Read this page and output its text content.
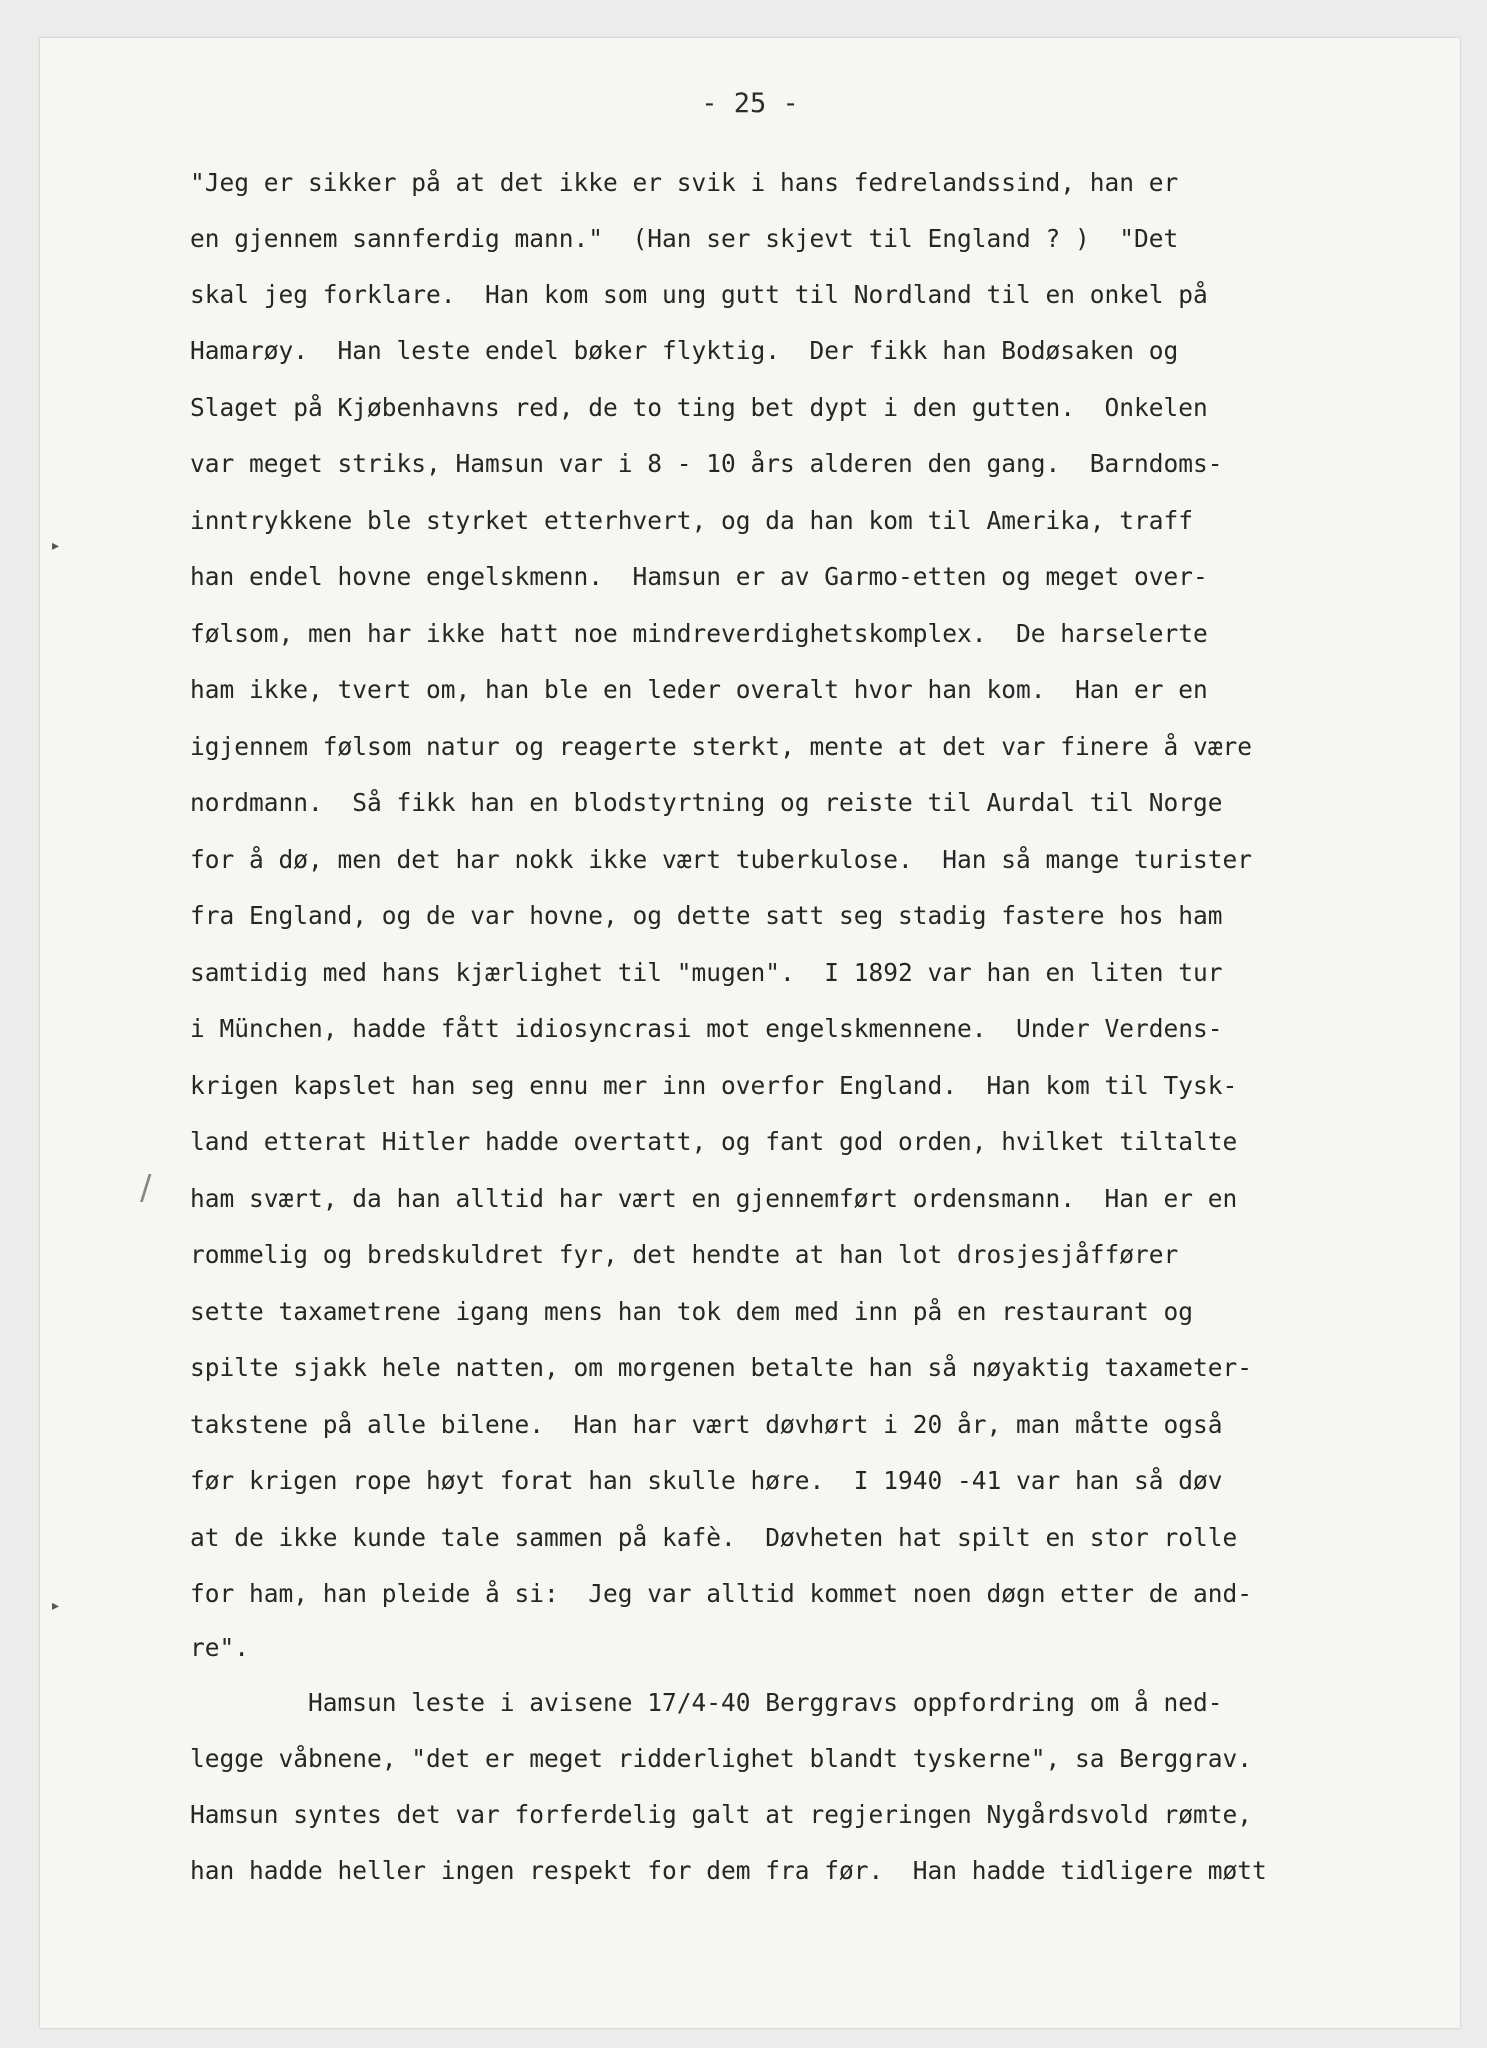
- 25 -
"Jeg er sikker på at det ikke er svik i hans fedrelandssind, han er
en gjennem sannferdig mann."  (Han ser skjevt til England ? )  "Det
skal jeg forklare.  Han kom som ung gutt til Nordland til en onkel på
Hamarøy.  Han leste endel bøker flyktig.  Der fikk han Bodøsaken og
Slaget på Kjøbenhavns red, de to ting bet dypt i den gutten.  Onkelen
var meget striks, Hamsun var i 8 - 10 års alderen den gang.  Barndoms-
inntrykkene ble styrket etterhvert, og da han kom til Amerika, traff
han endel hovne engelskmenn.  Hamsun er av Garmo-etten og meget over-
følsom, men har ikke hatt noe mindreverdighetskomplex.  De harselerte
ham ikke, tvert om, han ble en leder overalt hvor han kom.  Han er en
igjennem følsom natur og reagerte sterkt, mente at det var finere å være
nordmann.  Så fikk han en blodstyrtning og reiste til Aurdal til Norge
for å dø, men det har nokk ikke vært tuberkulose.  Han så mange turister
fra England, og de var hovne, og dette satt seg stadig fastere hos ham
samtidig med hans kjærlighet til "mugen".  I 1892 var han en liten tur
i München, hadde fått idiosyncrasi mot engelskmennene.  Under Verdens-
krigen kapslet han seg ennu mer inn overfor England.  Han kom til Tysk-
land etterat Hitler hadde overtatt, og fant god orden, hvilket tiltalte
ham svært, da han alltid har vært en gjennemført ordensmann.  Han er en
rommelig og bredskuldret fyr, det hendte at han lot drosjesjåffører
sette taxametrene igang mens han tok dem med inn på en restaurant og
spilte sjakk hele natten, om morgenen betalte han så nøyaktig taxameter-
takstene på alle bilene.  Han har vært døvhørt i 20 år, man måtte også
før krigen rope høyt forat han skulle høre.  I 1940 -41 var han så døv
at de ikke kunde tale sammen på kafè.  Døvheten hat spilt en stor rolle
for ham, han pleide å si:  Jeg var alltid kommet noen døgn etter de and-
re".
Hamsun leste i avisene 17/4-40 Berggravs oppfordring om å ned-
legge våbnene, "det er meget ridderlighet blandt tyskerne", sa Berggrav.
Hamsun syntes det var forferdelig galt at regjeringen Nygårdsvold rømte,
han hadde heller ingen respekt for dem fra før.  Han hadde tidligere møtt
▸
▸
/
